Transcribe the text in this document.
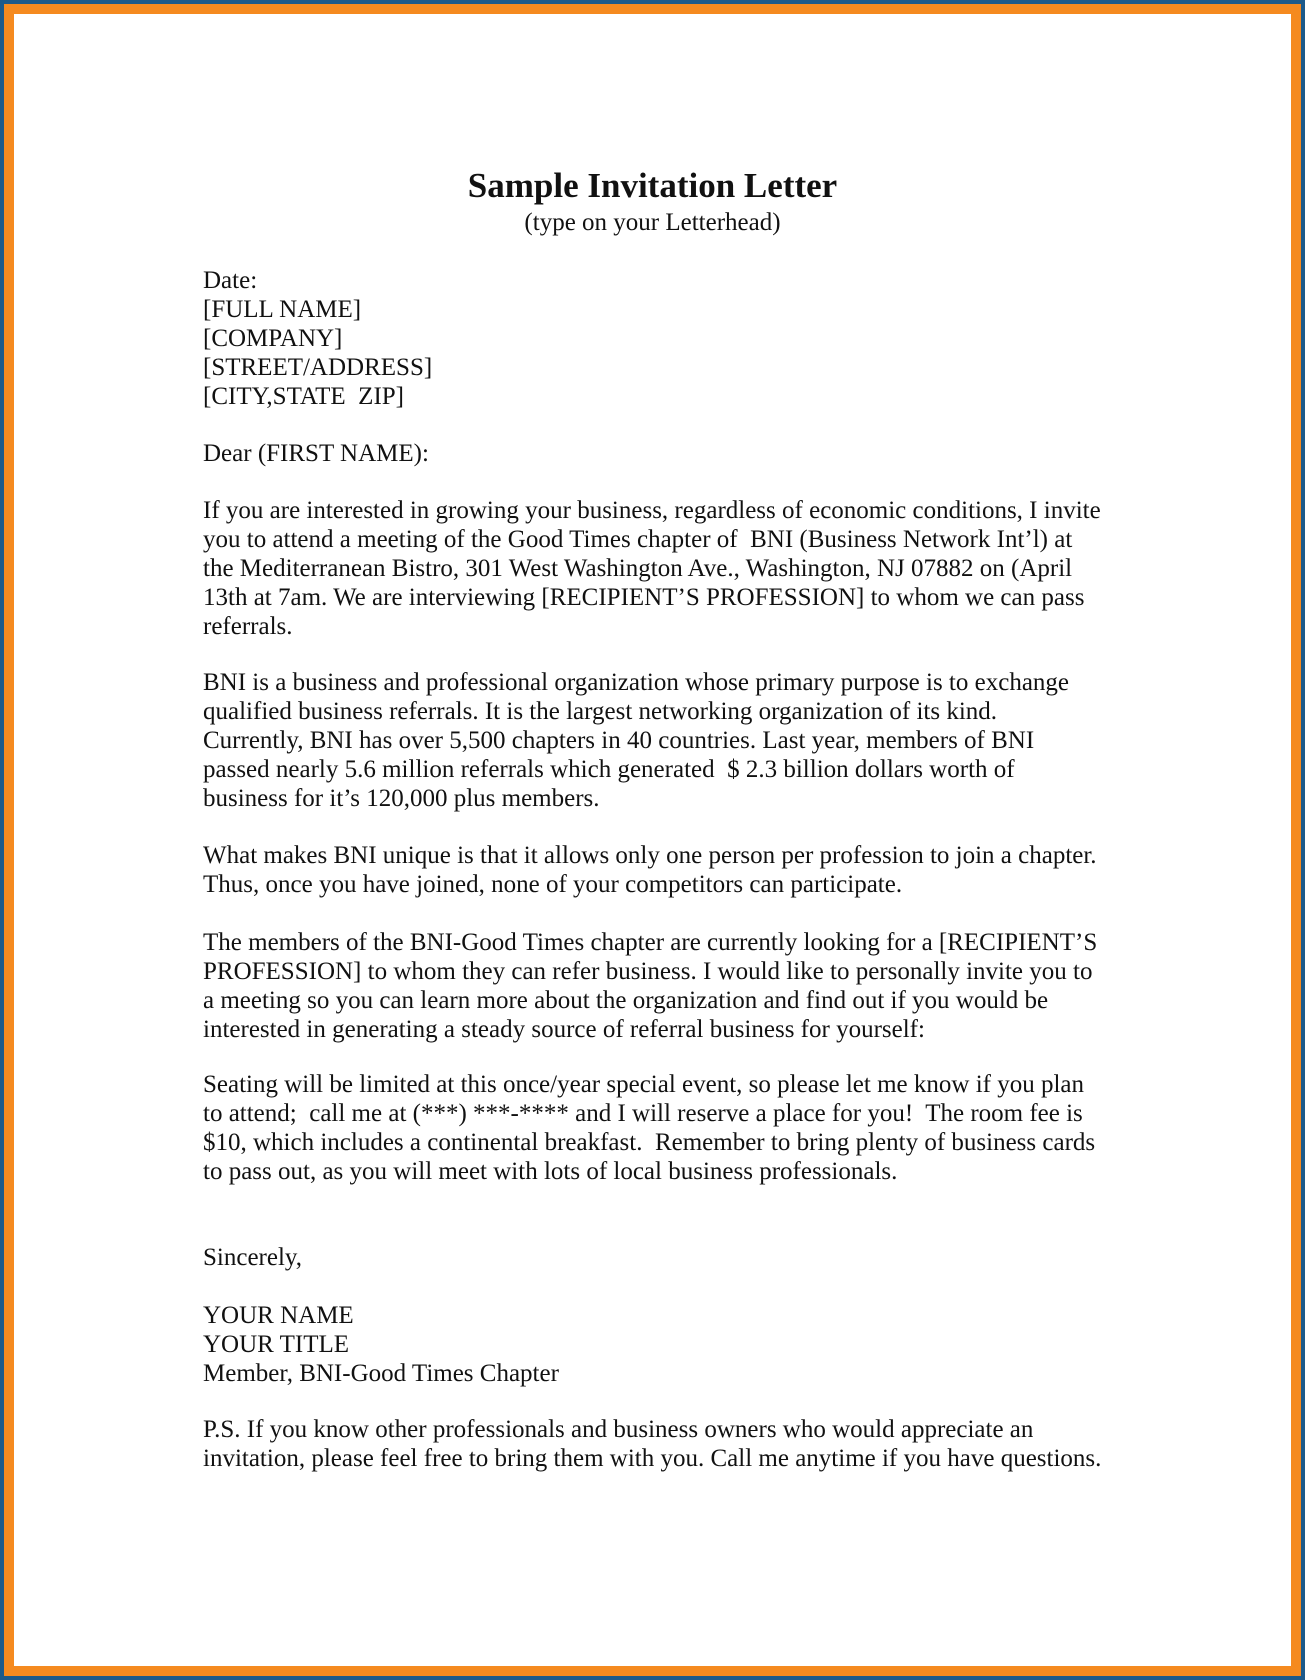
Sample Invitation Letter
(type on your Letterhead)
Date:
[FULL NAME]
[COMPANY]
[STREET/ADDRESS]
[CITY,STATE  ZIP]
Dear (FIRST NAME):
If you are interested in growing your business, regardless of economic conditions, I invite
you to attend a meeting of the Good Times chapter of  BNI (Business Network Int’l) at
the Mediterranean Bistro, 301 West Washington Ave., Washington, NJ 07882 on (April
13th at 7am. We are interviewing [RECIPIENT’S PROFESSION] to whom we can pass
referrals.
BNI is a business and professional organization whose primary purpose is to exchange
qualified business referrals. It is the largest networking organization of its kind.
Currently, BNI has over 5,500 chapters in 40 countries. Last year, members of BNI
passed nearly 5.6 million referrals which generated  $ 2.3 billion dollars worth of
business for it’s 120,000 plus members.
What makes BNI unique is that it allows only one person per profession to join a chapter.
Thus, once you have joined, none of your competitors can participate.
The members of the BNI-Good Times chapter are currently looking for a [RECIPIENT’S
PROFESSION] to whom they can refer business. I would like to personally invite you to
a meeting so you can learn more about the organization and find out if you would be
interested in generating a steady source of referral business for yourself:
Seating will be limited at this once/year special event, so please let me know if you plan
to attend;  call me at (***) ***-**** and I will reserve a place for you!  The room fee is
$10, which includes a continental breakfast.  Remember to bring plenty of business cards
to pass out, as you will meet with lots of local business professionals.
Sincerely,
YOUR NAME
YOUR TITLE
Member, BNI-Good Times Chapter
P.S. If you know other professionals and business owners who would appreciate an
invitation, please feel free to bring them with you. Call me anytime if you have questions.
